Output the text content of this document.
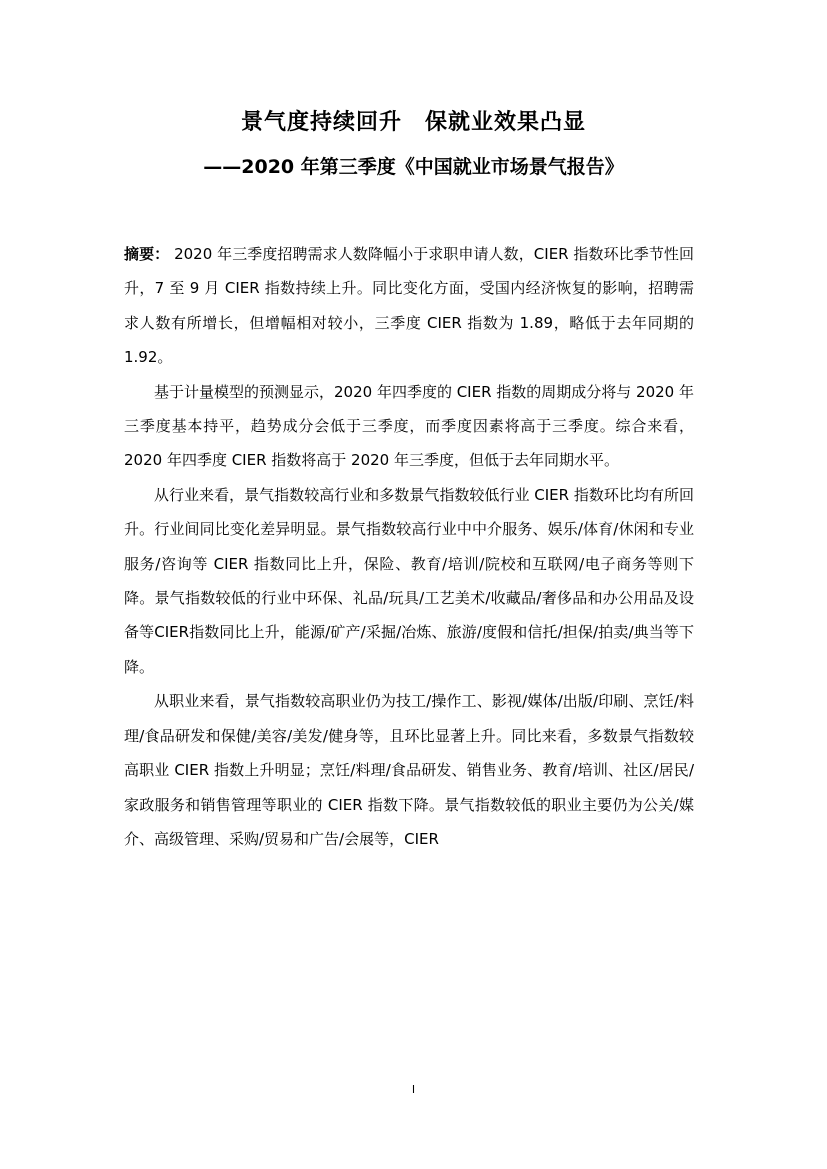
景气度持续回升　保就业效果凸显
——2020 年第三季度《中国就业市场景气报告》

摘要： 2020 年三季度招聘需求人数降幅小于求职申请人数，CIER 指数环比季节性回升，7 至 9 月 CIER 指数持续上升。同比变化方面，受国内经济恢复的影响，招聘需求人数有所增长，但增幅相对较小，三季度 CIER 指数为 1.89，略低于去年同期的 1.92。

基于计量模型的预测显示，2020 年四季度的 CIER 指数的周期成分将与 2020 年三季度基本持平，趋势成分会低于三季度，而季度因素将高于三季度。综合来看，2020 年四季度 CIER 指数将高于 2020 年三季度，但低于去年同期水平。

从行业来看，景气指数较高行业和多数景气指数较低行业 CIER 指数环比均有所回升。行业间同比变化差异明显。景气指数较高行业中中介服务、娱乐/体育/休闲和专业服务/咨询等 CIER 指数同比上升，保险、教育/培训/院校和互联网/电子商务等则下降。景气指数较低的行业中环保、礼品/玩具/工艺美术/收藏品/奢侈品和办公用品及设备等CIER指数同比上升，能源/矿产/采掘/冶炼、旅游/度假和信托/担保/拍卖/典当等下降。

从职业来看，景气指数较高职业仍为技工/操作工、影视/媒体/出版/印刷、烹饪/料理/食品研发和保健/美容/美发/健身等，且环比显著上升。同比来看，多数景气指数较高职业 CIER 指数上升明显；烹饪/料理/食品研发、销售业务、教育/培训、社区/居民/家政服务和销售管理等职业的 CIER 指数下降。景气指数较低的职业主要仍为公关/媒介、高级管理、采购/贸易和广告/会展等，CIER

I
